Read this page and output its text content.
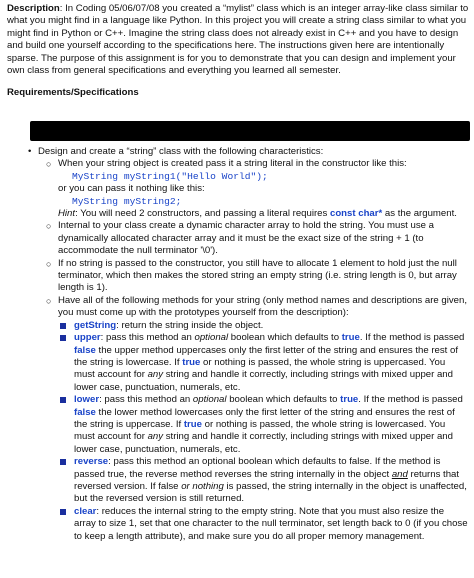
Description: In Coding 05/06/07/08 you created a “mylist” class which is an integer array-like class similar to what you might find in a language like Python. In this project you will create a string class similar to what you might find in Python or C++. Imagine the string class does not already exist in C++ and you have to design and build one yourself according to the specifications here. The instructions given here are intentionally sparse. The purpose of this assignment is for you to demonstrate that you can design and implement your own class from general specifications and everything you learned all semester.

Requirements/Specifications

• Design and create a “string” class with the following characteristics:
○ When your string object is created pass it a string literal in the constructor like this:
MyString myString1("Hello World");
or you can pass it nothing like this:
MyString myString2;
Hint: You will need 2 constructors, and passing a literal requires const char* as the argument.
○ Internal to your class create a dynamic character array to hold the string. You must use a dynamically allocated character array and it must be the exact size of the string + 1 (to accommodate the null terminator '\0').
○ If no string is passed to the constructor, you still have to allocate 1 element to hold just the null terminator, which then makes the stored string an empty string (i.e. string length is 0, but array length is 1).
○ Have all of the following methods for your string (only method names and descriptions are given, you must come up with the prototypes yourself from the description):
getString: return the string inside the object.
upper: pass this method an optional boolean which defaults to true. If the method is passed false the upper method uppercases only the first letter of the string and ensures the rest of the string is lowercase. If true or nothing is passed, the whole string is uppercased. You must account for any string and handle it correctly, including strings with mixed upper and lower case, punctuation, numerals, etc.
lower: pass this method an optional boolean which defaults to true. If the method is passed false the lower method lowercases only the first letter of the string and ensures the rest of the string is uppercase. If true or nothing is passed, the whole string is lowercased. You must account for any string and handle it correctly, including strings with mixed upper and lower case, punctuation, numerals, etc.
reverse: pass this method an optional boolean which defaults to false. If the method is passed true, the reverse method reverses the string internally in the object and returns that reversed version. If false or nothing is passed, the string internally in the object is unaffected, but the reversed version is still returned.
clear: reduces the internal string to the empty string. Note that you must also resize the array to size 1, set that one character to the null terminator, set length back to 0 (if you chose to keep a length attribute), and make sure you do all proper memory management.
